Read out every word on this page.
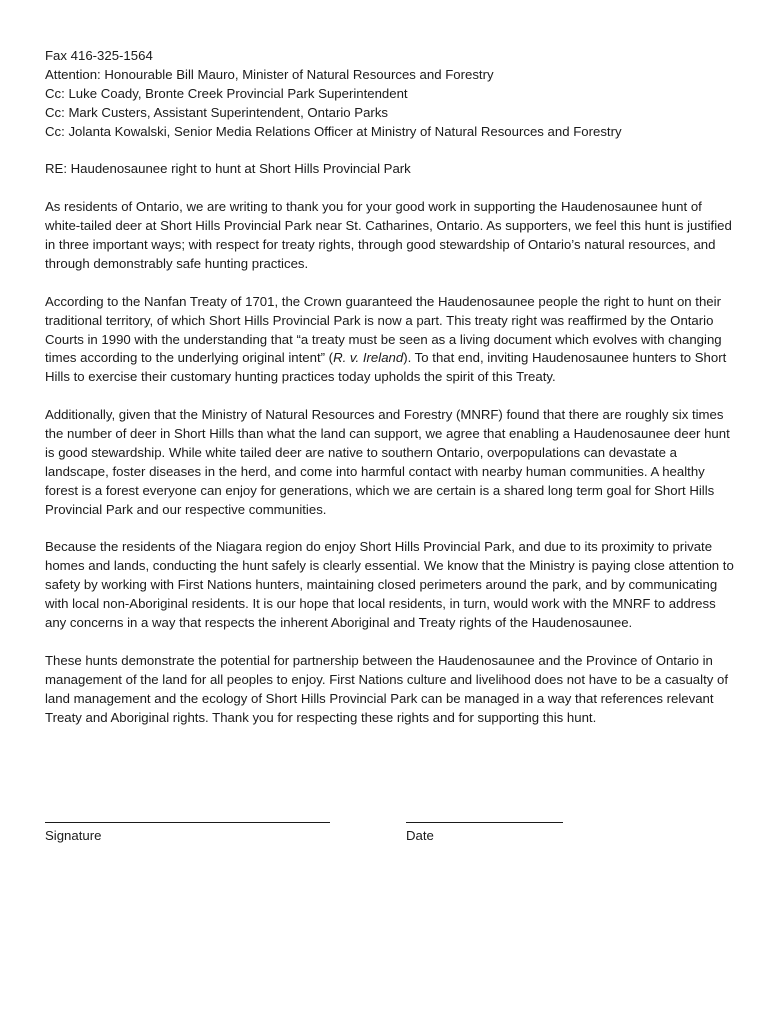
Fax 416-325-1564

Attention: Honourable Bill Mauro, Minister of Natural Resources and Forestry

Cc: Luke Coady, Bronte Creek Provincial Park Superintendent

Cc: Mark Custers, Assistant Superintendent, Ontario Parks

Cc: Jolanta Kowalski, Senior Media Relations Officer at Ministry of Natural Resources and Forestry

RE: Haudenosaunee right to hunt at Short Hills Provincial Park

As residents of Ontario, we are writing to thank you for your good work in supporting the Haudenosaunee hunt of white-tailed deer at Short Hills Provincial Park near St. Catharines, Ontario. As supporters, we feel this hunt is justified in three important ways; with respect for treaty rights, through good stewardship of Ontario’s natural resources, and through demonstrably safe hunting practices.

According to the Nanfan Treaty of 1701, the Crown guaranteed the Haudenosaunee people the right to hunt on their traditional territory, of which Short Hills Provincial Park is now a part. This treaty right was reaffirmed by the Ontario Courts in 1990 with the understanding that “a treaty must be seen as a living document which evolves with changing times according to the underlying original intent” (R. v. Ireland). To that end, inviting Haudenosaunee hunters to Short Hills to exercise their customary hunting practices today upholds the spirit of this Treaty.

Additionally, given that the Ministry of Natural Resources and Forestry (MNRF) found that there are roughly six times the number of deer in Short Hills than what the land can support, we agree that enabling a Haudenosaunee deer hunt is good stewardship. While white tailed deer are native to southern Ontario, overpopulations can devastate a landscape, foster diseases in the herd, and come into harmful contact with nearby human communities. A healthy forest is a forest everyone can enjoy for generations, which we are certain is a shared long term goal for Short Hills Provincial Park and our respective communities.

Because the residents of the Niagara region do enjoy Short Hills Provincial Park, and due to its proximity to private homes and lands, conducting the hunt safely is clearly essential. We know that the Ministry is paying close attention to safety by working with First Nations hunters, maintaining closed perimeters around the park, and by communicating with local non-Aboriginal residents. It is our hope that local residents, in turn, would work with the MNRF to address any concerns in a way that respects the inherent Aboriginal and Treaty rights of the Haudenosaunee.

These hunts demonstrate the potential for partnership between the Haudenosaunee and the Province of Ontario in management of the land for all peoples to enjoy. First Nations culture and livelihood does not have to be a casualty of land management and the ecology of Short Hills Provincial Park can be managed in a way that references relevant Treaty and Aboriginal rights. Thank you for respecting these rights and for supporting this hunt.

Signature	Date
